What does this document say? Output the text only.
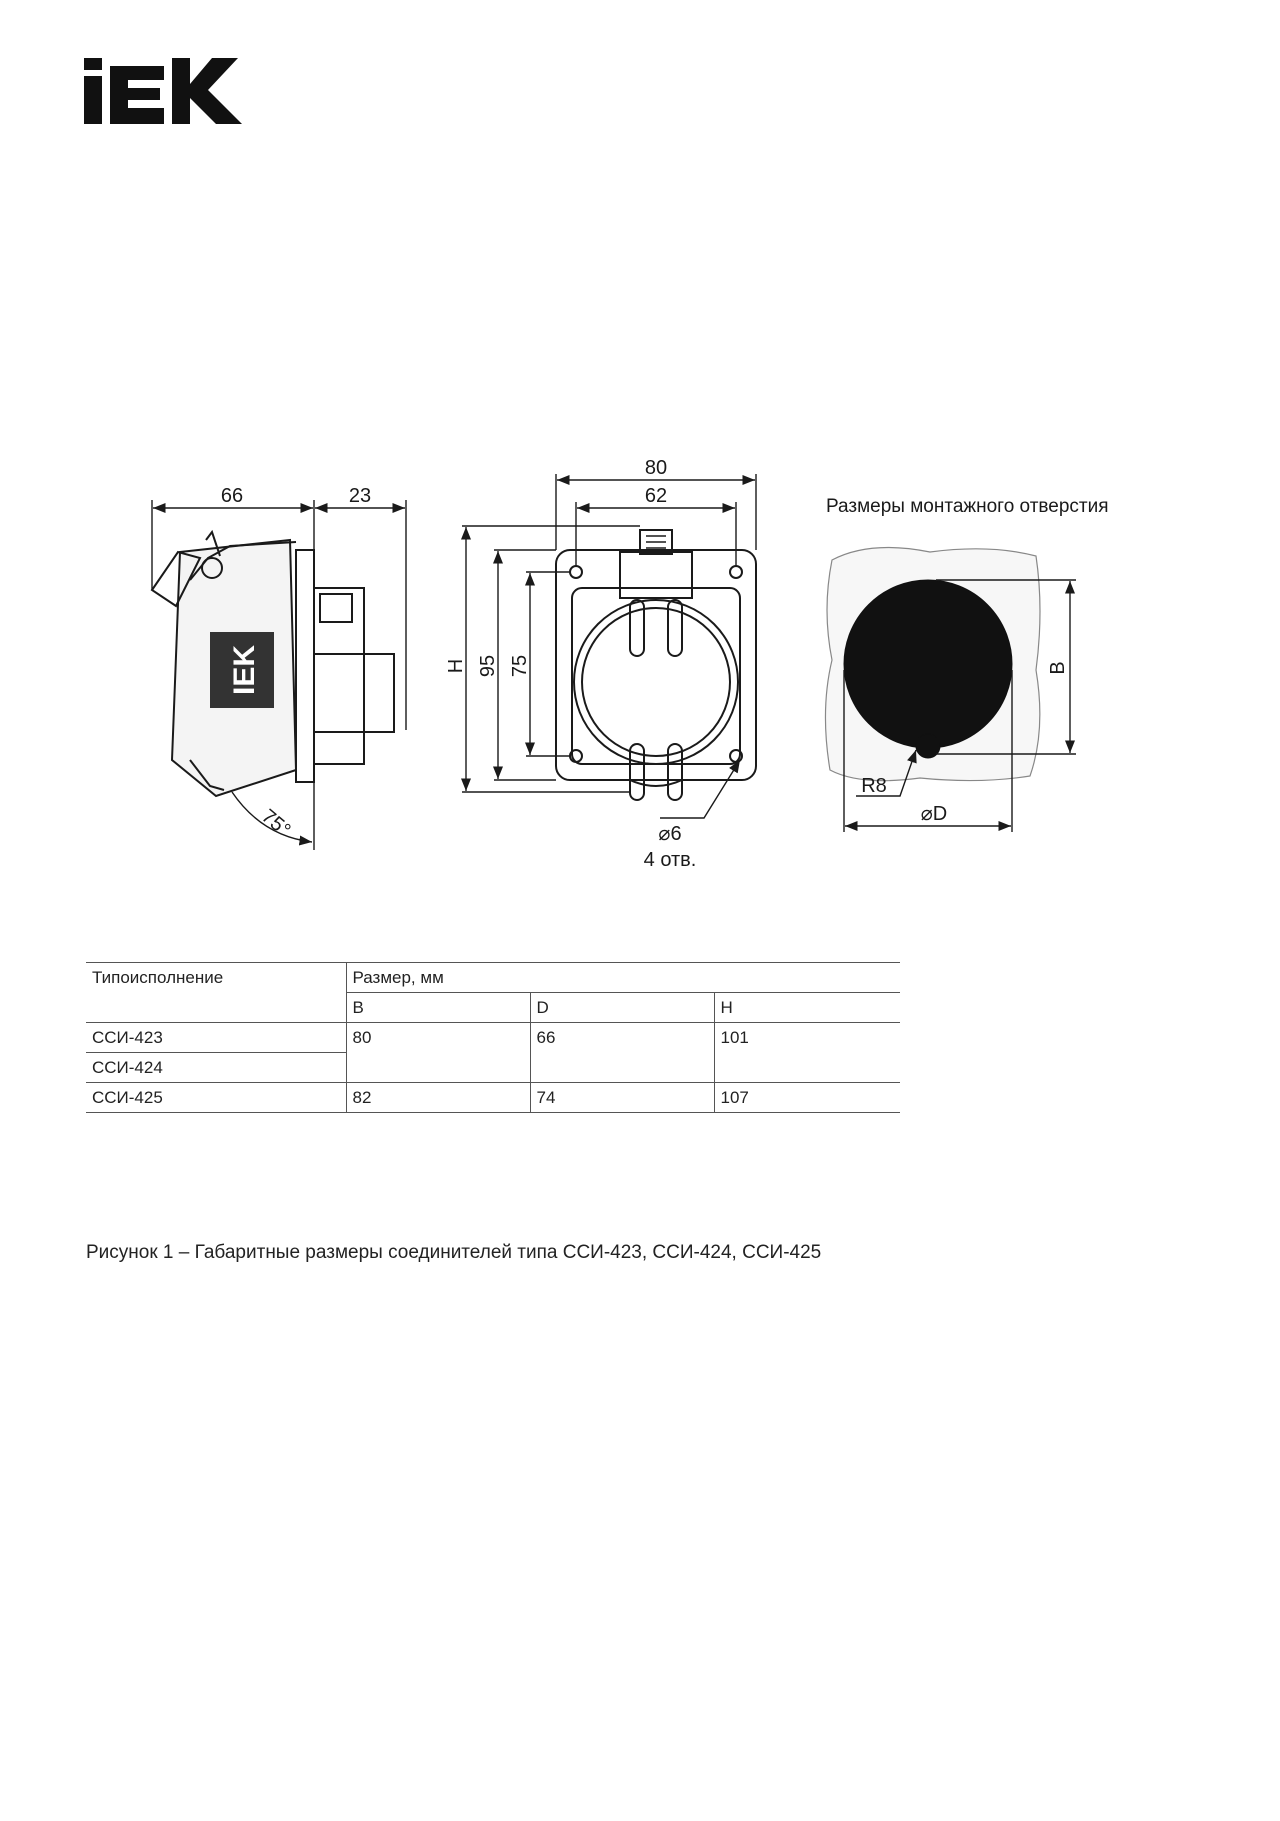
IEK
66	23
75°
80
62
H 95 75
⌀6
4 отв.
Размеры монтажного отверстия
B
R8
⌀D
Типоисполнение	Размер, мм		
	B	D	H
ССИ-423	80	66	101
ССИ-424			
ССИ-425	82	74	107
Рисунок 1 – Габаритные размеры соединителей типа ССИ-423, ССИ-424, ССИ-425
